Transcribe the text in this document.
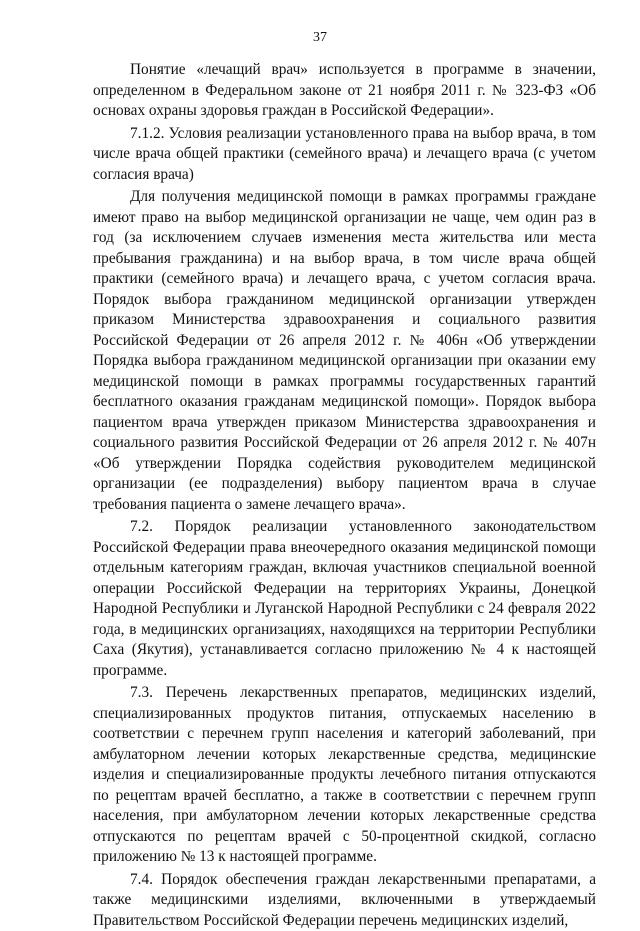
37

Понятие «лечащий врач» используется в программе в значении, определенном в Федеральном законе от 21 ноября 2011 г. № 323-ФЗ «Об основах охраны здоровья граждан в Российской Федерации».

7.1.2. Условия реализации установленного права на выбор врача, в том числе врача общей практики (семейного врача) и лечащего врача (с учетом согласия врача)

Для получения медицинской помощи в рамках программы граждане имеют право на выбор медицинской организации не чаще, чем один раз в год (за исключением случаев изменения места жительства или места пребывания гражданина) и на выбор врача, в том числе врача общей практики (семейного врача) и лечащего врача, с учетом согласия врача. Порядок выбора гражданином медицинской организации утвержден приказом Министерства здравоохранения и социального развития Российской Федерации от 26 апреля 2012 г. № 406н «Об утверждении Порядка выбора гражданином медицинской организации при оказании ему медицинской помощи в рамках программы государственных гарантий бесплатного оказания гражданам медицинской помощи». Порядок выбора пациентом врача утвержден приказом Министерства здравоохранения и социального развития Российской Федерации от 26 апреля 2012 г. № 407н «Об утверждении Порядка содействия руководителем медицинской организации (ее подразделения) выбору пациентом врача в случае требования пациента о замене лечащего врача».

7.2. Порядок реализации установленного законодательством Российской Федерации права внеочередного оказания медицинской помощи отдельным категориям граждан, включая участников специальной военной операции Российской Федерации на территориях Украины, Донецкой Народной Республики и Луганской Народной Республики с 24 февраля 2022 года, в медицинских организациях, находящихся на территории Республики Саха (Якутия), устанавливается согласно приложению № 4 к настоящей программе.

7.3. Перечень лекарственных препаратов, медицинских изделий, специализированных продуктов питания, отпускаемых населению в соответствии с перечнем групп населения и категорий заболеваний, при амбулаторном лечении которых лекарственные средства, медицинские изделия и специализированные продукты лечебного питания отпускаются по рецептам врачей бесплатно, а также в соответствии с перечнем групп населения, при амбулаторном лечении которых лекарственные средства отпускаются по рецептам врачей с 50-процентной скидкой, согласно приложению № 13 к настоящей программе.

7.4. Порядок обеспечения граждан лекарственными препаратами, а также медицинскими изделиями, включенными в утверждаемый Правительством Российской Федерации перечень медицинских изделий,
